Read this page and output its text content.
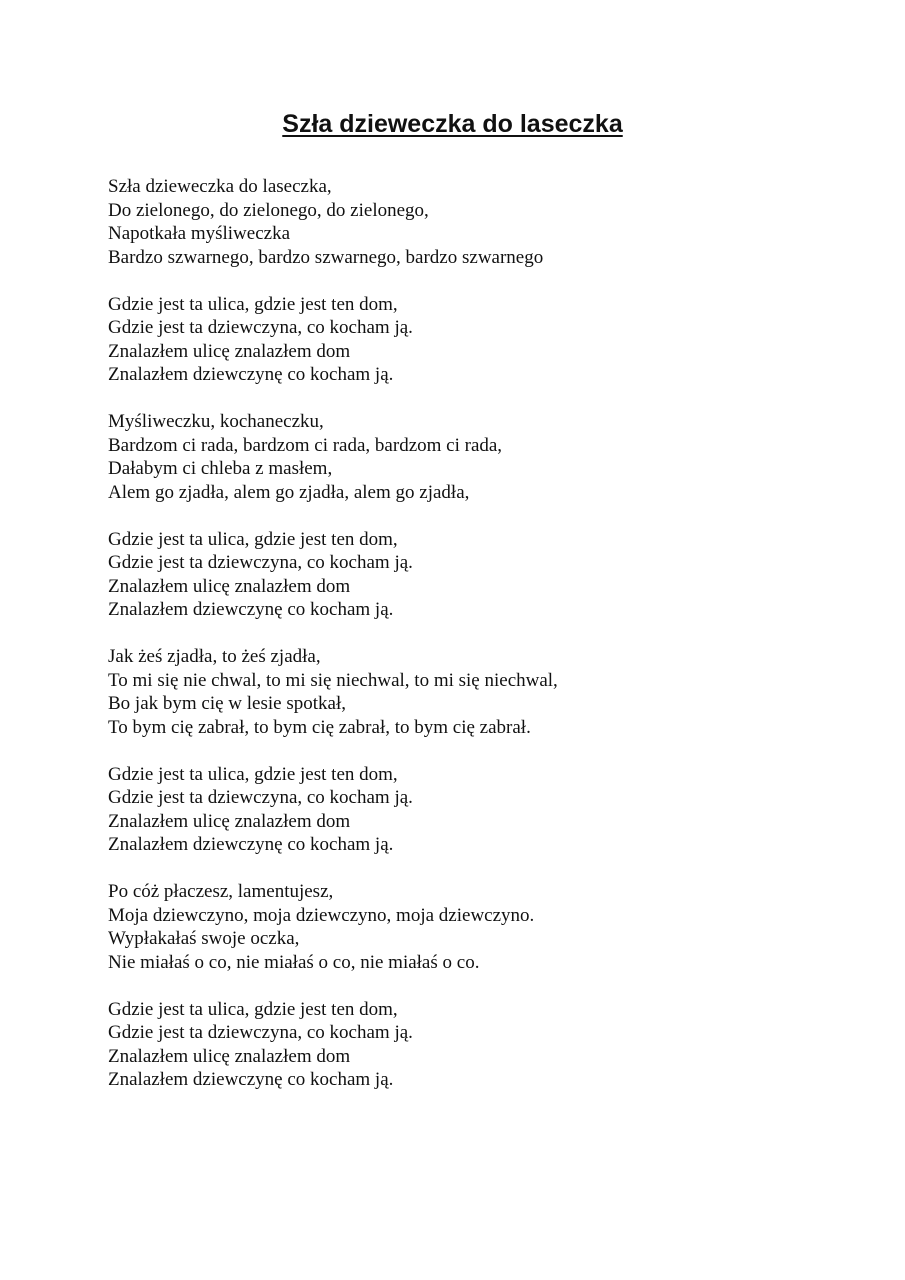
Szła dzieweczka do laseczka
Szła dzieweczka do laseczka,
Do zielonego, do zielonego, do zielonego,
Napotkała myśliweczka
Bardzo szwarnego, bardzo szwarnego, bardzo szwarnego
Gdzie jest ta ulica, gdzie jest ten dom,
Gdzie jest ta dziewczyna, co kocham ją.
Znalazłem ulicę znalazłem dom
Znalazłem dziewczynę co kocham ją.
Myśliweczku, kochaneczku,
Bardzom ci rada, bardzom ci rada, bardzom ci rada,
Dałabym ci chleba z masłem,
Alem go zjadła, alem go zjadła, alem go zjadła,
Gdzie jest ta ulica, gdzie jest ten dom,
Gdzie jest ta dziewczyna, co kocham ją.
Znalazłem ulicę znalazłem dom
Znalazłem dziewczynę co kocham ją.
Jak żeś zjadła, to żeś zjadła,
To mi się nie chwal, to mi się niechwal, to mi się niechwal,
Bo jak bym cię w lesie spotkał,
To bym cię zabrał, to bym cię zabrał, to bym cię zabrał.
Gdzie jest ta ulica, gdzie jest ten dom,
Gdzie jest ta dziewczyna, co kocham ją.
Znalazłem ulicę znalazłem dom
Znalazłem dziewczynę co kocham ją.
Po cóż płaczesz, lamentujesz,
Moja dziewczyno, moja dziewczyno, moja dziewczyno.
Wypłakałaś swoje oczka,
Nie miałaś o co, nie miałaś o co, nie miałaś o co.
Gdzie jest ta ulica, gdzie jest ten dom,
Gdzie jest ta dziewczyna, co kocham ją.
Znalazłem ulicę znalazłem dom
Znalazłem dziewczynę co kocham ją.
